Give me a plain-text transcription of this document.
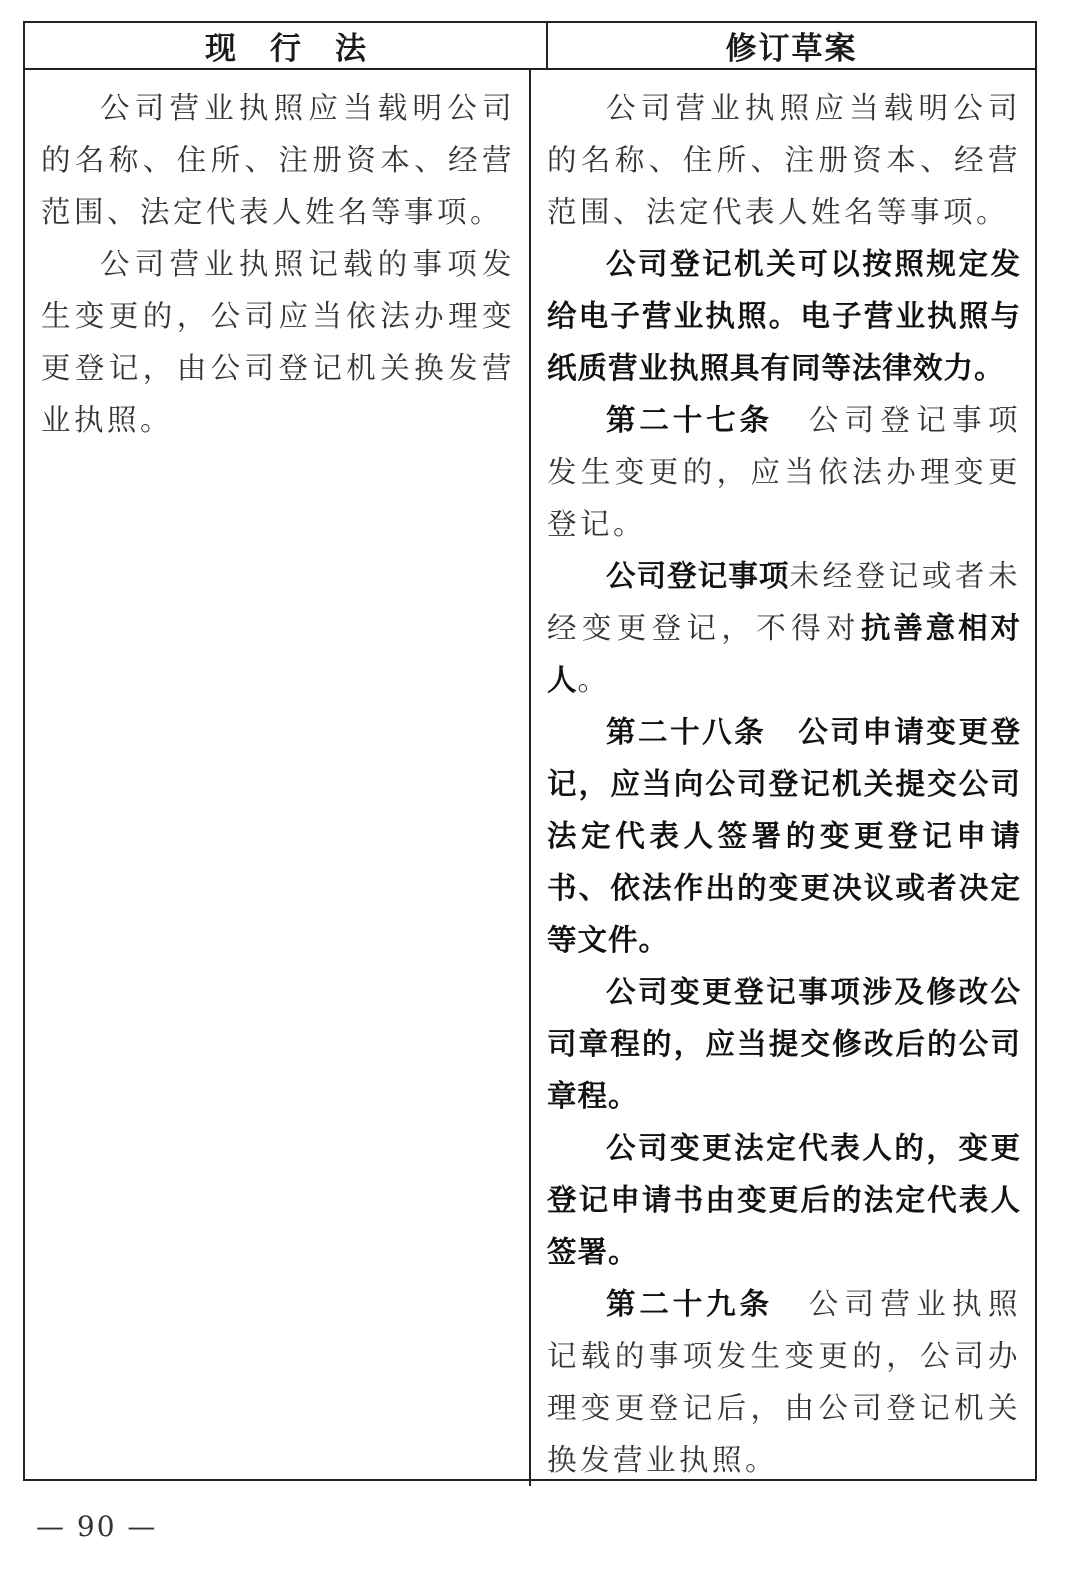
现行法	修订草案

公司营业执照应当载明公司的名称、住所、注册资本、经营范围、法定代表人姓名等事项。

公司营业执照记载的事项发生变更的，公司应当依法办理变更登记，由公司登记机关换发营业执照。

公司营业执照应当载明公司的名称、住所、注册资本、经营范围、法定代表人姓名等事项。

公司登记机关可以按照规定发给电子营业执照。电子营业执照与纸质营业执照具有同等法律效力。

第二十七条　 公司登记事项发生变更的，应当依法办理变更登记。

公司登记事项未经登记或者未经变更登记，不得对抗善意相对人。

第二十八条　 公司申请变更登记，应当向公司登记机关提交公司法定代表人签署的变更登记申请书、依法作出的变更决议或者决定等文件。

公司变更登记事项涉及修改公司章程的，应当提交修改后的公司章程。

公司变更法定代表人的，变更登记申请书由变更后的法定代表人签署。

第二十九条　 公司营业执照记载的事项发生变更的，公司办理变更登记后，由公司登记机关换发营业执照。

— 90 —
